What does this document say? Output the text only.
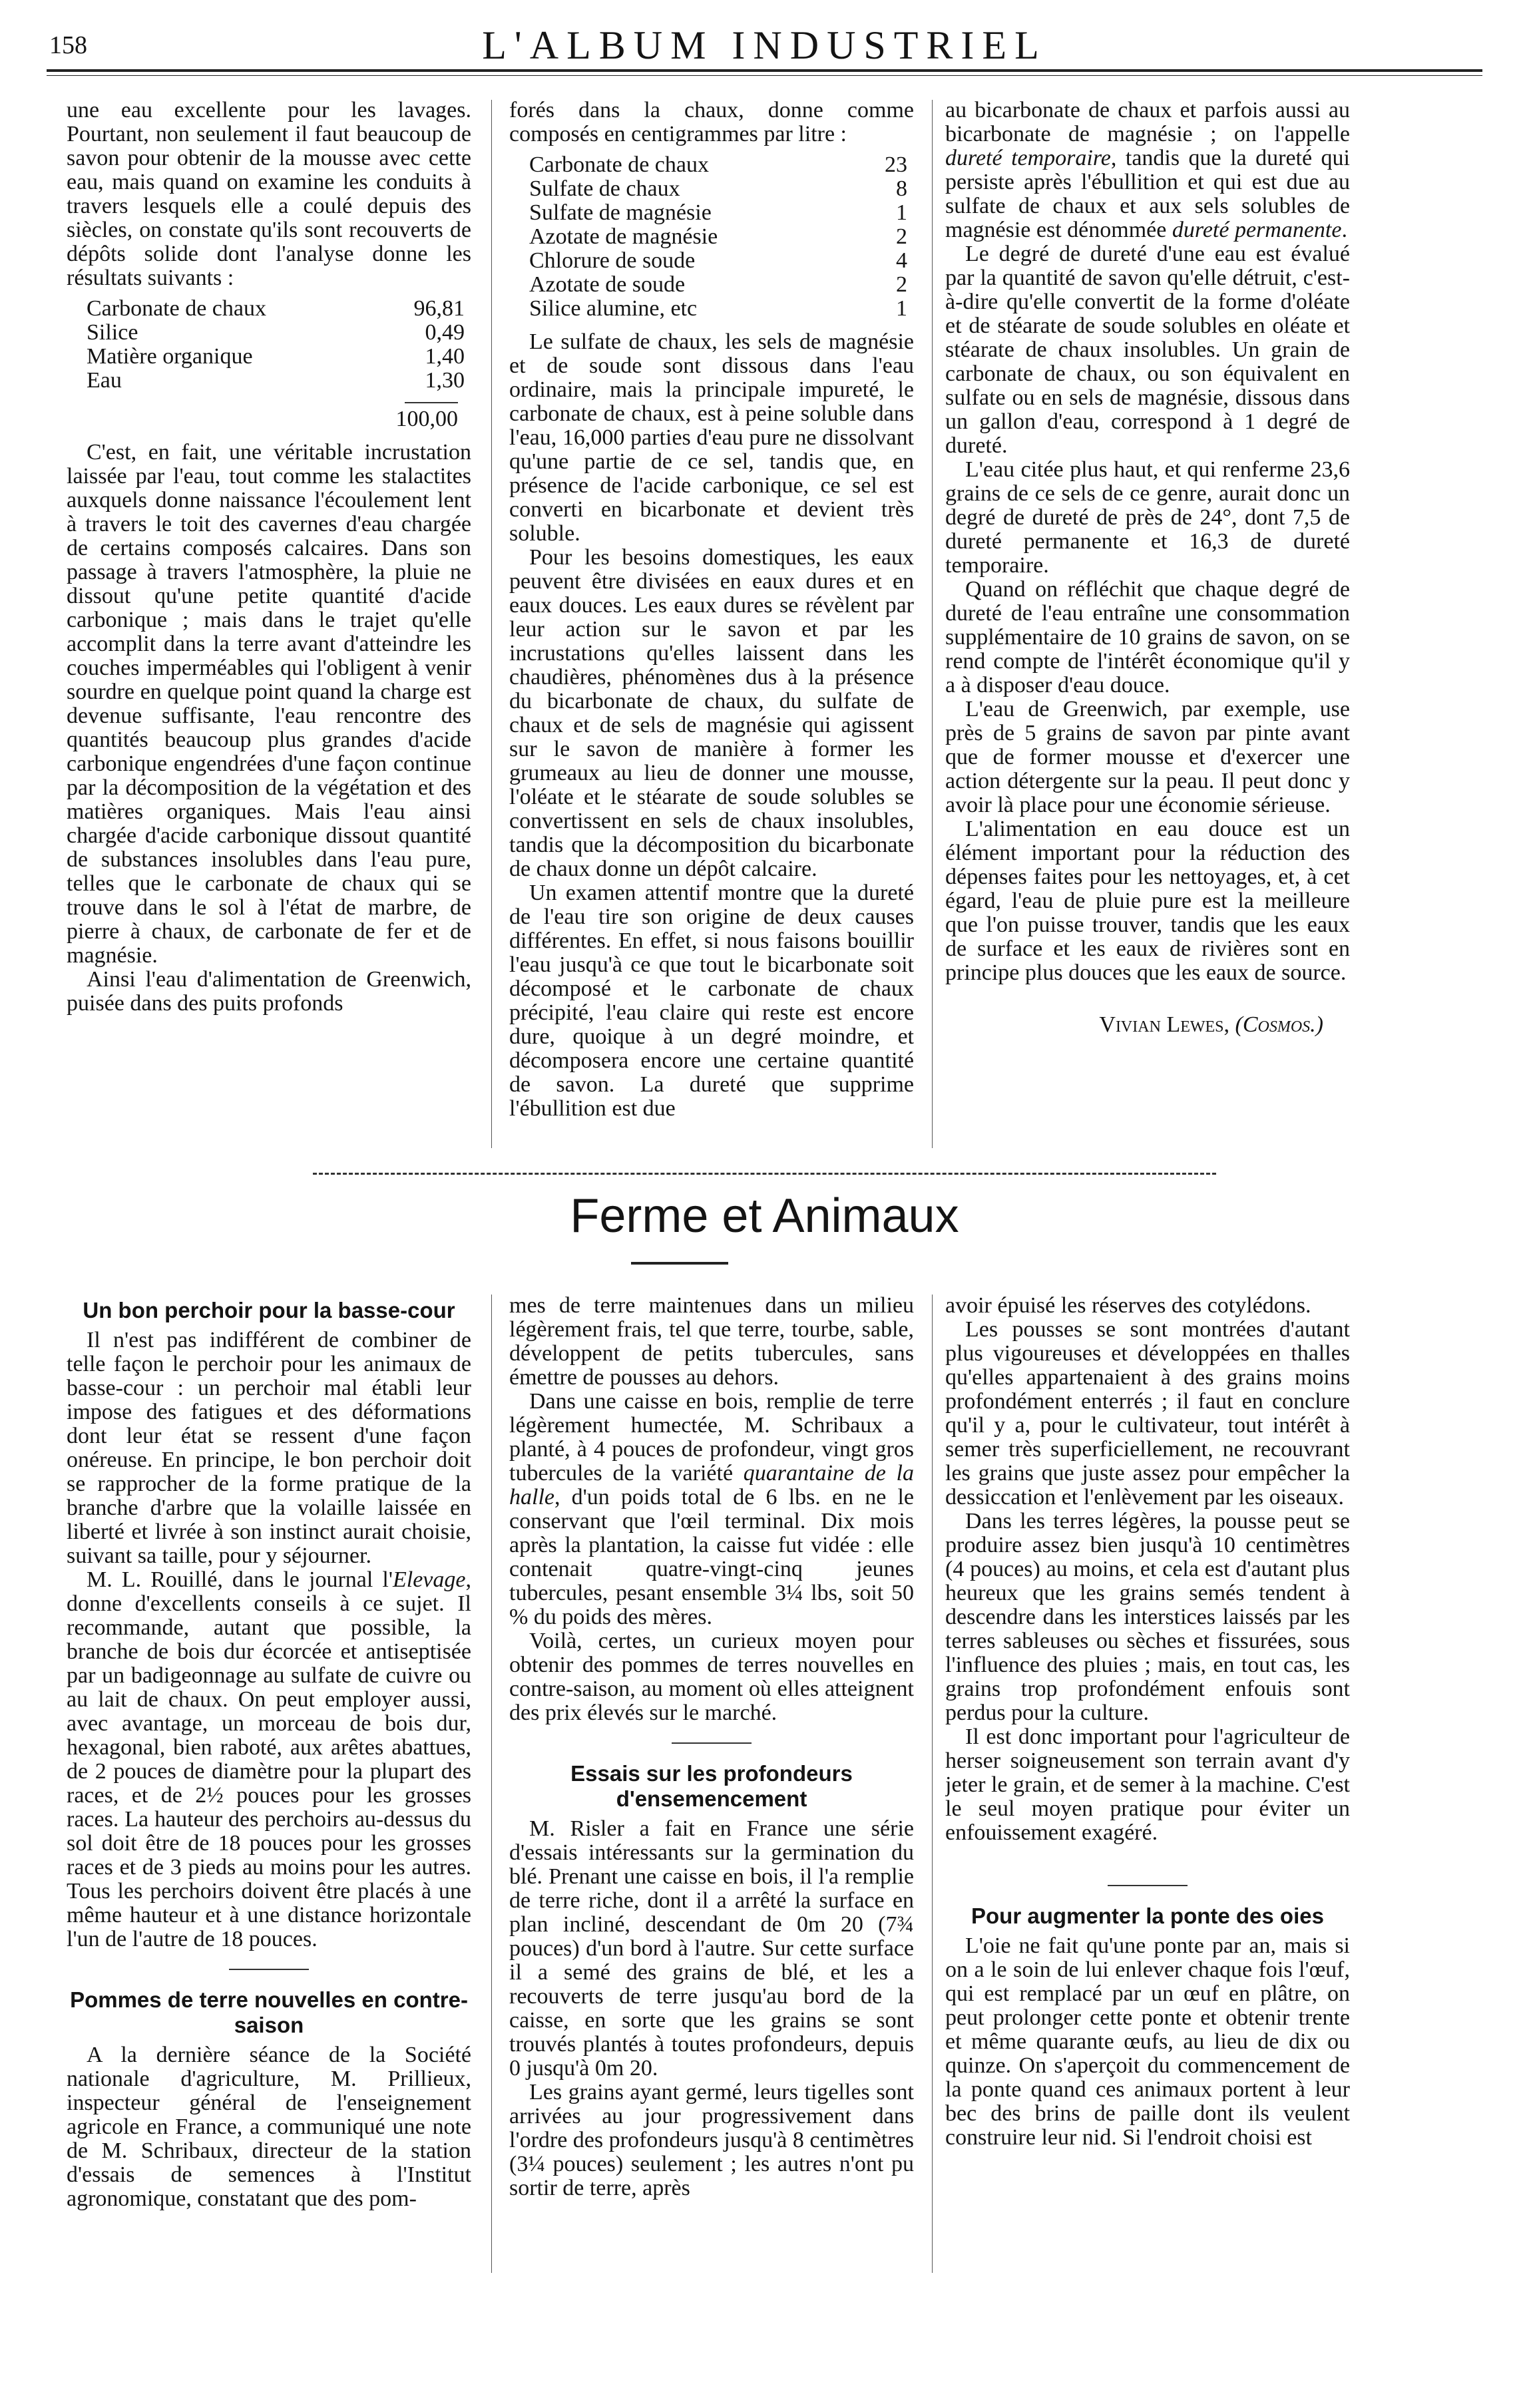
158	L'ALBUM INDUSTRIEL

une eau excellente pour les lavages. Pourtant, non seulement il faut beaucoup de savon pour obtenir de la mousse avec cette eau, mais quand on examine les conduits à travers lesquels elle a coulé depuis des siècles, on constate qu'ils sont recouverts de dépôts solide dont l'analyse donne les résultats suivants :

Carbonate de chaux	96,81
Silice	0,49
Matière organique	1,40
Eau	1,30
100,00

C'est, en fait, une véritable incrustation laissée par l'eau, tout comme les stalactites auxquels donne naissance l'écoulement lent à travers le toit des cavernes d'eau chargée de certains composés calcaires. Dans son passage à travers l'atmosphère, la pluie ne dissout qu'une petite quantité d'acide carbonique ; mais dans le trajet qu'elle accomplit dans la terre avant d'atteindre les couches imperméables qui l'obligent à venir sourdre en quelque point quand la charge est devenue suffisante, l'eau rencontre des quantités beaucoup plus grandes d'acide carbonique engendrées d'une façon continue par la décomposition de la végétation et des matières organiques. Mais l'eau ainsi chargée d'acide carbonique dissout quantité de substances insolubles dans l'eau pure, telles que le carbonate de chaux qui se trouve dans le sol à l'état de marbre, de pierre à chaux, de carbonate de fer et de magnésie.

Ainsi l'eau d'alimentation de Greenwich, puisée dans des puits profonds

forés dans la chaux, donne comme composés en centigrammes par litre :

Carbonate de chaux	23
Sulfate de chaux	8
Sulfate de magnésie	1
Azotate de magnésie	2
Chlorure de soude	4
Azotate de soude	2
Silice alumine, etc	1

Le sulfate de chaux, les sels de magnésie et de soude sont dissous dans l'eau ordinaire, mais la principale impureté, le carbonate de chaux, est à peine soluble dans l'eau, 16,000 parties d'eau pure ne dissolvant qu'une partie de ce sel, tandis que, en présence de l'acide carbonique, ce sel est converti en bicarbonate et devient très soluble.

Pour les besoins domestiques, les eaux peuvent être divisées en eaux dures et en eaux douces. Les eaux dures se révèlent par leur action sur le savon et par les incrustations qu'elles laissent dans les chaudières, phénomènes dus à la présence du bicarbonate de chaux, du sulfate de chaux et de sels de magnésie qui agissent sur le savon de manière à former les grumeaux au lieu de donner une mousse, l'oléate et le stéarate de soude solubles se convertissent en sels de chaux insolubles, tandis que la décomposition du bicarbonate de chaux donne un dépôt calcaire.

Un examen attentif montre que la dureté de l'eau tire son origine de deux causes différentes. En effet, si nous faisons bouillir l'eau jusqu'à ce que tout le bicarbonate soit décomposé et le carbonate de chaux précipité, l'eau claire qui reste est encore dure, quoique à un degré moindre, et décomposera encore une certaine quantité de savon. La dureté que supprime l'ébullition est due

au bicarbonate de chaux et parfois aussi au bicarbonate de magnésie ; on l'appelle dureté temporaire, tandis que la dureté qui persiste après l'ébullition et qui est due au sulfate de chaux et aux sels solubles de magnésie est dénommée dureté permanente.

Le degré de dureté d'une eau est évalué par la quantité de savon qu'elle détruit, c'est-à-dire qu'elle convertit de la forme d'oléate et de stéarate de soude solubles en oléate et stéarate de chaux insolubles. Un grain de carbonate de chaux, ou son équivalent en sulfate ou en sels de magnésie, dissous dans un gallon d'eau, correspond à 1 degré de dureté.

L'eau citée plus haut, et qui renferme 23,6 grains de ce sels de ce genre, aurait donc un degré de dureté de près de 24°, dont 7,5 de dureté permanente et 16,3 de dureté temporaire.

Quand on réfléchit que chaque degré de dureté de l'eau entraîne une consommation supplémentaire de 10 grains de savon, on se rend compte de l'intérêt économique qu'il y a à disposer d'eau douce.

L'eau de Greenwich, par exemple, use près de 5 grains de savon par pinte avant que de former mousse et d'exercer une action détergente sur la peau. Il peut donc y avoir là place pour une économie sérieuse.

L'alimentation en eau douce est un élément important pour la réduction des dépenses faites pour les nettoyages, et, à cet égard, l'eau de pluie pure est la meilleure que l'on puisse trouver, tandis que les eaux de surface et les eaux de rivières sont en principe plus douces que les eaux de source.

Vivian Lewes, (Cosmos.)
Ferme et Animaux
Un bon perchoir pour la basse-cour

Il n'est pas indifférent de combiner de telle façon le perchoir pour les animaux de basse-cour : un perchoir mal établi leur impose des fatigues et des déformations dont leur état se ressent d'une façon onéreuse. En principe, le bon perchoir doit se rapprocher de la forme pratique de la branche d'arbre que la volaille laissée en liberté et livrée à son instinct aurait choisie, suivant sa taille, pour y séjourner.

M. L. Rouillé, dans le journal l'Elevage, donne d'excellents conseils à ce sujet. Il recommande, autant que possible, la branche de bois dur écorcée et antiseptisée par un badigeonnage au sulfate de cuivre ou au lait de chaux. On peut employer aussi, avec avantage, un morceau de bois dur, hexagonal, bien raboté, aux arêtes abattues, de 2 pouces de diamètre pour la plupart des races, et de 2½ pouces pour les grosses races. La hauteur des perchoirs au-dessus du sol doit être de 18 pouces pour les grosses races et de 3 pieds au moins pour les autres. Tous les perchoirs doivent être placés à une même hauteur et à une distance horizontale l'un de l'autre de 18 pouces.

Pommes de terre nouvelles en contre-saison

A la dernière séance de la Société nationale d'agriculture, M. Prillieux, inspecteur général de l'enseignement agricole en France, a communiqué une note de M. Schribaux, directeur de la station d'essais de semences à l'Institut agronomique, constatant que des pom-

mes de terre maintenues dans un milieu légèrement frais, tel que terre, tourbe, sable, développent de petits tubercules, sans émettre de pousses au dehors.

Dans une caisse en bois, remplie de terre légèrement humectée, M. Schribaux a planté, à 4 pouces de profondeur, vingt gros tubercules de la variété quarantaine de la halle, d'un poids total de 6 lbs. en ne le conservant que l'œil terminal. Dix mois après la plantation, la caisse fut vidée : elle contenait quatre-vingt-cinq jeunes tubercules, pesant ensemble 3¼ lbs, soit 50 % du poids des mères.

Voilà, certes, un curieux moyen pour obtenir des pommes de terres nouvelles en contre-saison, au moment où elles atteignent des prix élevés sur le marché.

Essais sur les profondeurs d'ensemencement

M. Risler a fait en France une série d'essais intéressants sur la germination du blé. Prenant une caisse en bois, il l'a remplie de terre riche, dont il a arrêté la surface en plan incliné, descendant de 0m 20 (7¾ pouces) d'un bord à l'autre. Sur cette surface il a semé des grains de blé, et les a recouverts de terre jusqu'au bord de la caisse, en sorte que les grains se sont trouvés plantés à toutes profondeurs, depuis 0 jusqu'à 0m 20.

Les grains ayant germé, leurs tigelles sont arrivées au jour progressivement dans l'ordre des profondeurs jusqu'à 8 centimètres (3¼ pouces) seulement ; les autres n'ont pu sortir de terre, après

avoir épuisé les réserves des cotylédons.

Les pousses se sont montrées d'autant plus vigoureuses et développées en thalles qu'elles appartenaient à des grains moins profondément enterrés ; il faut en conclure qu'il y a, pour le cultivateur, tout intérêt à semer très superficiellement, ne recouvrant les grains que juste assez pour empêcher la dessiccation et l'enlèvement par les oiseaux.

Dans les terres légères, la pousse peut se produire assez bien jusqu'à 10 centimètres (4 pouces) au moins, et cela est d'autant plus heureux que les grains semés tendent à descendre dans les interstices laissés par les terres sableuses ou sèches et fissurées, sous l'influence des pluies ; mais, en tout cas, les grains trop profondément enfouis sont perdus pour la culture.

Il est donc important pour l'agriculteur de herser soigneusement son terrain avant d'y jeter le grain, et de semer à la machine. C'est le seul moyen pratique pour éviter un enfouissement exagéré.

Pour augmenter la ponte des oies

L'oie ne fait qu'une ponte par an, mais si on a le soin de lui enlever chaque fois l'œuf, qui est remplacé par un œuf en plâtre, on peut prolonger cette ponte et obtenir trente et même quarante œufs, au lieu de dix ou quinze. On s'aperçoit du commencement de la ponte quand ces animaux portent à leur bec des brins de paille dont ils veulent construire leur nid. Si l'endroit choisi est
